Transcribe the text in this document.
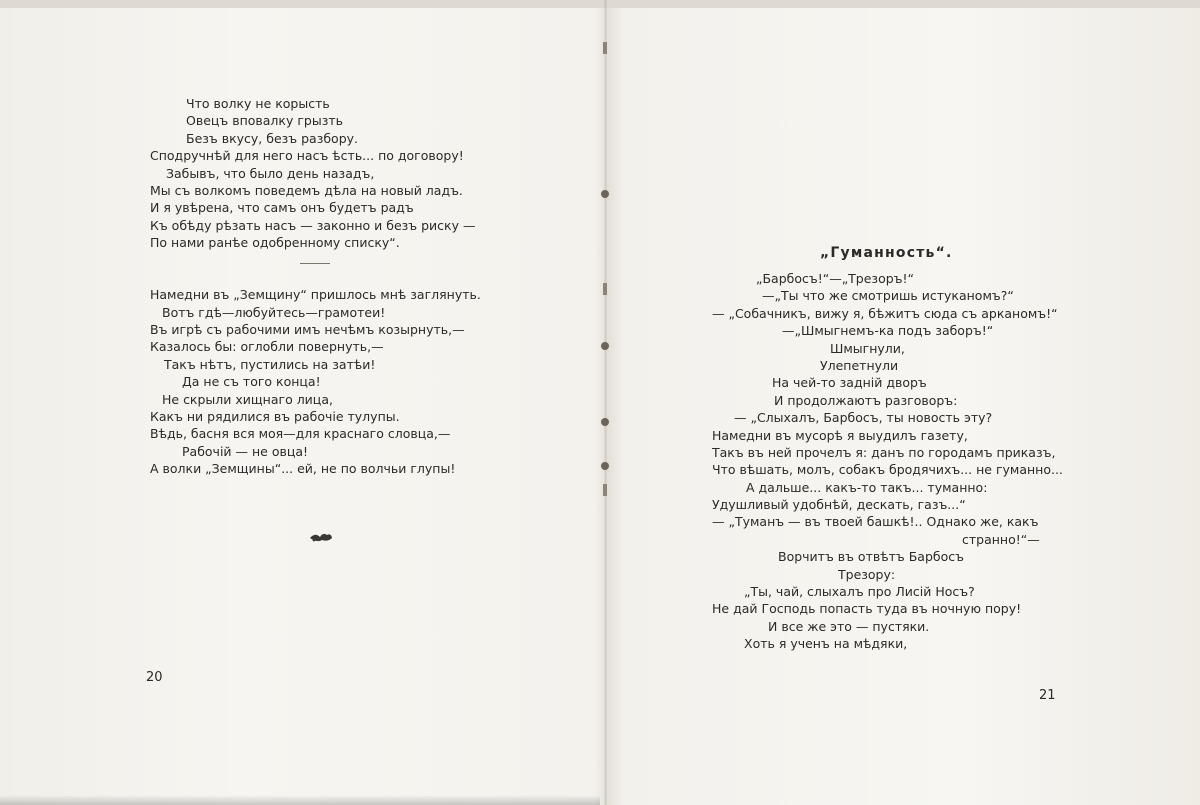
Что волку не корысть
Овецъ вповалку грызть
Безъ вкусу, безъ разбору.
Сподручнѣй для него насъ ѣсть... по договору!
Забывъ, что было день назадъ,
Мы съ волкомъ поведемъ дѣла на новый ладъ.
И я увѣрена, что самъ онъ будетъ радъ
Къ обѣду рѣзать насъ — законно и безъ риску —
По нами ранѣе одобренному списку“.
Намедни въ „Земщину“ пришлось мнѣ заглянуть.
Вотъ гдѣ—любуйтесь—грамотеи!
Въ игрѣ съ рабочими имъ нечѣмъ козырнуть,—
Казалось бы: оглобли повернуть,—
Такъ нѣтъ, пустились на затѣи!
Да не съ того конца!
Не скрыли хищнаго лица,
Какъ ни рядилися въ рабочіе тулупы.
Вѣдь, басня вся моя—для краснаго словца,—
Рабочій — не овца!
А волки „Земщины“... ей, не по волчьи глупы!
20
„Гуманность“.
„Барбосъ!“—„Трезоръ!“
—„Ты что же смотришь истуканомъ?“
— „Собачникъ, вижу я, бѣжитъ сюда съ арканомъ!“
—„Шмыгнемъ-ка подъ заборъ!“
Шмыгнули,
Улепетнули
На чей-то задній дворъ
И продолжаютъ разговоръ:
— „Слыхалъ, Барбосъ, ты новость эту?
Намедни въ мусорѣ я выудилъ газету,
Такъ въ ней прочелъ я: данъ по городамъ приказъ,
Что вѣшать, молъ, собакъ бродячихъ... не гуманно...
А дальше... какъ-то такъ... туманно:
Удушливый удобнѣй, дескать, газъ...“
— „Туманъ — въ твоей башкѣ!.. Однако же, какъ
странно!“—
Ворчитъ въ отвѣтъ Барбосъ
Трезору:
„Ты, чай, слыхалъ про Лисій Носъ?
Не дай Господь попасть туда въ ночную пору!
И все же это — пустяки.
Хоть я ученъ на мѣдяки,
21
